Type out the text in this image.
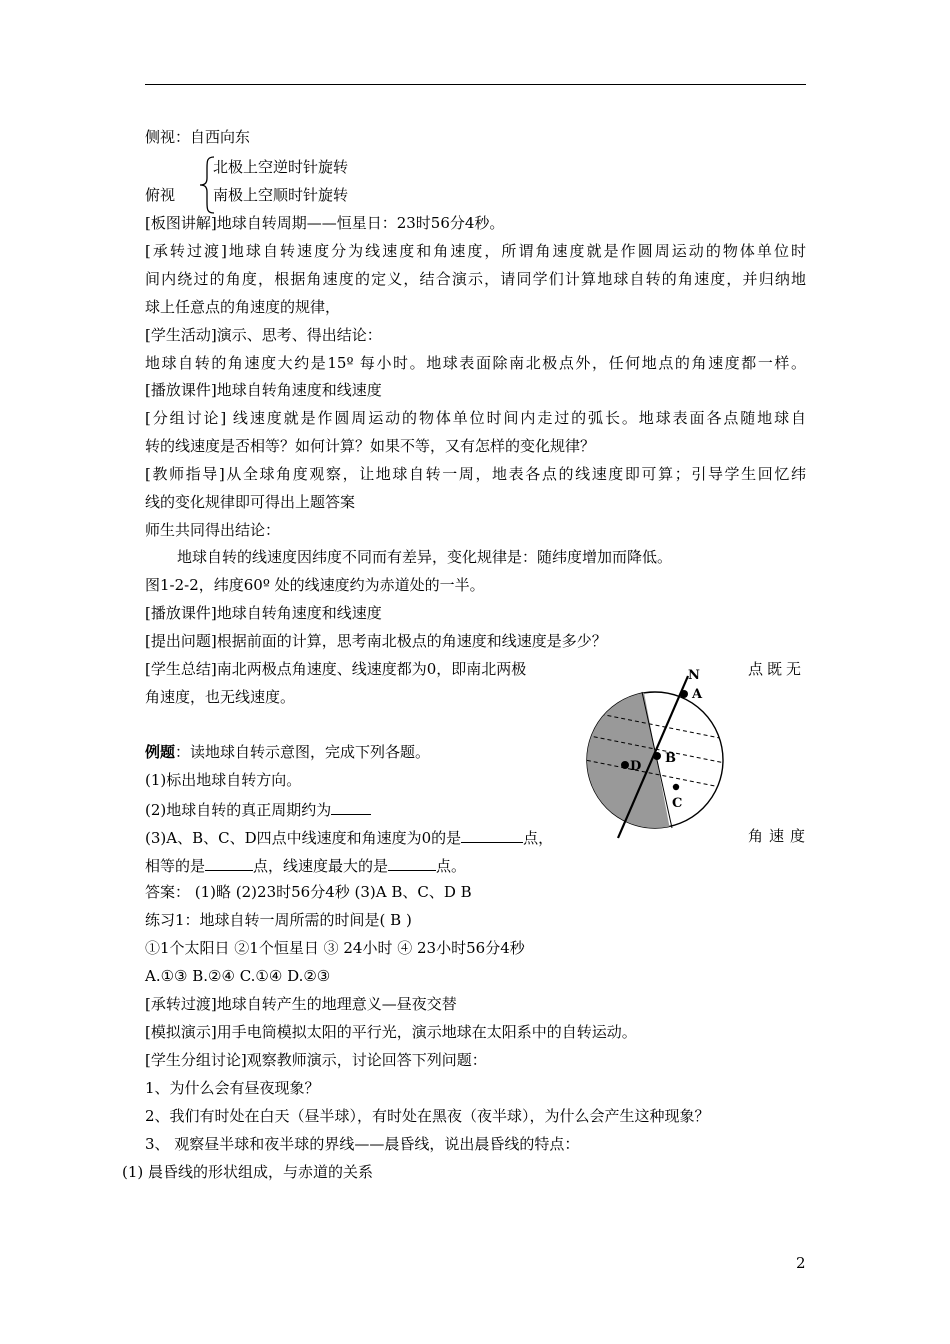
侧视：自西向东
北极上空逆时针旋转
俯视	南极上空顺时针旋转
[板图讲解]地球自转周期——恒星日：23时56分4秒。
[承转过渡]地球自转速度分为线速度和角速度，所谓角速度就是作圆周运动的物体单位时
间内绕过的角度，根据角速度的定义，结合演示，请同学们计算地球自转的角速度，并归纳地
球上任意点的角速度的规律，
[学生活动]演示、思考、得出结论：
地球自转的角速度大约是15º 每小时。地球表面除南北极点外，任何地点的角速度都一样。
[播放课件]地球自转角速度和线速度
[分组讨论] 线速度就是作圆周运动的物体单位时间内走过的弧长。地球表面各点随地球自
转的线速度是否相等？如何计算？如果不等，又有怎样的变化规律？
[教师指导]从全球角度观察，让地球自转一周，地表各点的线速度即可算；引导学生回忆纬
线的变化规律即可得出上题答案
师生共同得出结论：
地球自转的线速度因纬度不同而有差异，变化规律是：随纬度增加而降低。
图1-2-2，纬度60º 处的线速度约为赤道处的一半。
[播放课件]地球自转角速度和线速度
[提出问题]根据前面的计算，思考南北极点的角速度和线速度是多少？
[学生总结]南北两极点角速度、线速度都为0，即南北两极	点既无
角速度，也无线速度。
例题：读地球自转示意图，完成下列各题。
(1)标出地球自转方向。
(2)地球自转的真正周期约为
(3)A、B、C、D四点中线速度和角速度为0的是	点，	角速度
相等的是	点，线速度最大的是	点。
答案： (1)略 (2)23时56分4秒 (3)A B、C、D B
练习1：地球自转一周所需的时间是( B )
①1个太阳日 ②1个恒星日 ③ 24小时 ④ 23小时56分4秒
A.①③ B.②④ C.①④ D.②③
[承转过渡]地球自转产生的地理意义—昼夜交替
[模拟演示]用手电筒模拟太阳的平行光，演示地球在太阳系中的自转运动。
[学生分组讨论]观察教师演示，讨论回答下列问题：
1、为什么会有昼夜现象？
2、我们有时处在白天（昼半球），有时处在黑夜（夜半球），为什么会产生这种现象？
3、 观察昼半球和夜半球的界线——晨昏线，说出晨昏线的特点：
(1) 晨昏线的形状组成，与赤道的关系
N
A
B
C
D
2
